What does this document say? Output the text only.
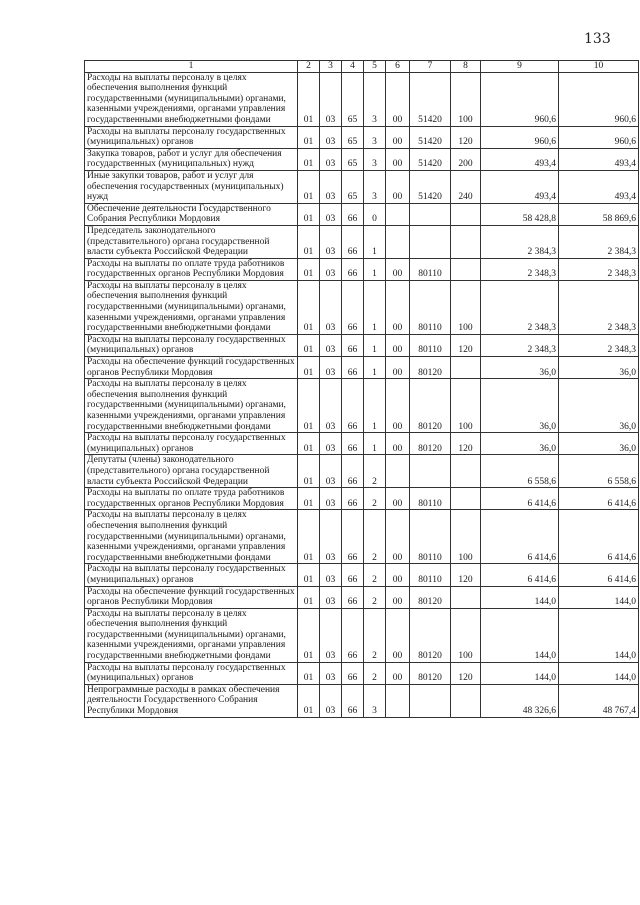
133
1	2	3	4	5	6	7	8	9	10
Расходы на выплаты персоналу в целях обеспечения выполнения функций государственными (муниципальными) органами, казенными учреждениями, органами управления государственными внебюджетными фондами	01	03	65	3	00	51420	100	960,6	960,6
Расходы на выплаты персоналу государственных (муниципальных) органов	01	03	65	3	00	51420	120	960,6	960,6
Закупка товаров, работ и услуг для обеспечения государственных (муниципальных) нужд	01	03	65	3	00	51420	200	493,4	493,4
Иные закупки товаров, работ и услуг для обеспечения государственных (муниципальных) нужд	01	03	65	3	00	51420	240	493,4	493,4
Обеспечение деятельности Государственного Собрания Республики Мордовия	01	03	66	0				58 428,8	58 869,6
Председатель законодательного (представительного) органа государственной власти субъекта Российской Федерации	01	03	66	1				2 384,3	2 384,3
Расходы на выплаты по оплате труда работников государственных органов Республики Мордовия	01	03	66	1	00	80110		2 348,3	2 348,3
Расходы на выплаты персоналу в целях обеспечения выполнения функций государственными (муниципальными) органами, казенными учреждениями, органами управления государственными внебюджетными фондами	01	03	66	1	00	80110	100	2 348,3	2 348,3
Расходы на выплаты персоналу государственных (муниципальных) органов	01	03	66	1	00	80110	120	2 348,3	2 348,3
Расходы на обеспечение функций государственных органов Республики Мордовия	01	03	66	1	00	80120		36,0	36,0
Расходы на выплаты персоналу в целях обеспечения выполнения функций государственными (муниципальными) органами, казенными учреждениями, органами управления государственными внебюджетными фондами	01	03	66	1	00	80120	100	36,0	36,0
Расходы на выплаты персоналу государственных (муниципальных) органов	01	03	66	1	00	80120	120	36,0	36,0
Депутаты (члены) законодательного (представительного) органа государственной власти субъекта Российской Федерации	01	03	66	2				6 558,6	6 558,6
Расходы на выплаты по оплате труда работников государственных органов Республики Мордовия	01	03	66	2	00	80110		6 414,6	6 414,6
Расходы на выплаты персоналу в целях обеспечения выполнения функций государственными (муниципальными) органами, казенными учреждениями, органами управления государственными внебюджетными фондами	01	03	66	2	00	80110	100	6 414,6	6 414,6
Расходы на выплаты персоналу государственных (муниципальных) органов	01	03	66	2	00	80110	120	6 414,6	6 414,6
Расходы на обеспечение функций государственных органов Республики Мордовия	01	03	66	2	00	80120		144,0	144,0
Расходы на выплаты персоналу в целях обеспечения выполнения функций государственными (муниципальными) органами, казенными учреждениями, органами управления государственными внебюджетными фондами	01	03	66	2	00	80120	100	144,0	144,0
Расходы на выплаты персоналу государственных (муниципальных) органов	01	03	66	2	00	80120	120	144,0	144,0
Непрограммные расходы в рамках обеспечения деятельности Государственного Собрания Республики Мордовия	01	03	66	3				48 326,6	48 767,4
